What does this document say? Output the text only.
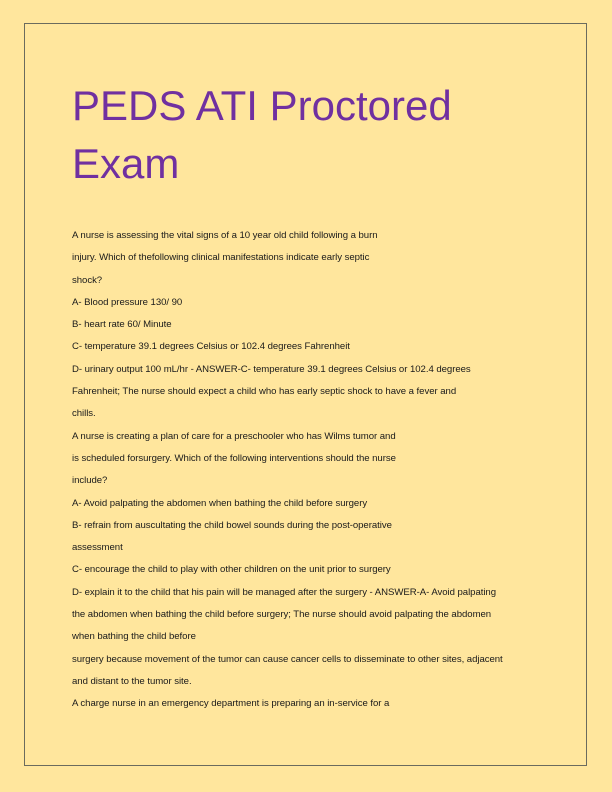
PEDS ATI Proctored
Exam

A nurse is assessing the vital signs of a 10 year old child following a burn

injury. Which of thefollowing clinical manifestations indicate early septic

shock?

A- Blood pressure 130/ 90

B- heart rate 60/ Minute

C- temperature 39.1 degrees Celsius or 102.4 degrees Fahrenheit

D- urinary output 100 mL/hr - ANSWER-C- temperature 39.1 degrees Celsius or 102.4 degrees

Fahrenheit; The nurse should expect a child who has early septic shock to have a fever and

chills.

A nurse is creating a plan of care for a preschooler who has Wilms tumor and

is scheduled forsurgery. Which of the following interventions should the nurse

include?

A- Avoid palpating the abdomen when bathing the child before surgery

B- refrain from auscultating the child bowel sounds during the post-operative

assessment

C- encourage the child to play with other children on the unit prior to surgery

D- explain it to the child that his pain will be managed after the surgery - ANSWER-A- Avoid palpating

the abdomen when bathing the child before surgery; The nurse should avoid palpating the abdomen

when bathing the child before

surgery because movement of the tumor can cause cancer cells to disseminate to other sites, adjacent

and distant to the tumor site.

A charge nurse in an emergency department is preparing an in-service for a
